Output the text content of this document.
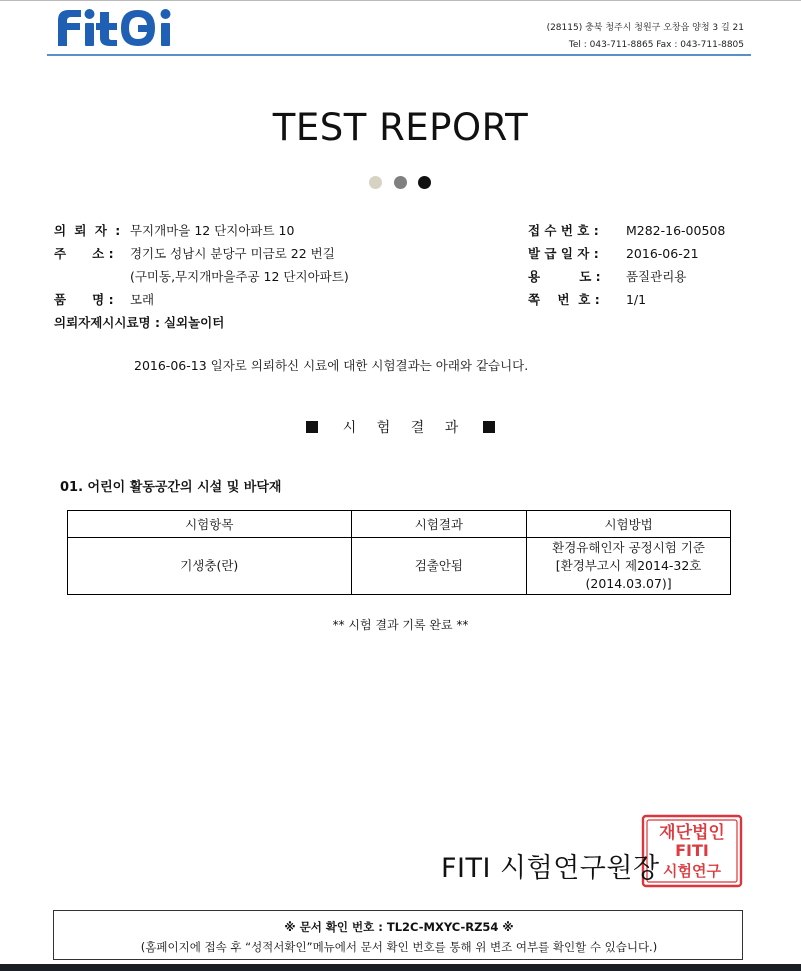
(28115) 충북 청주시 청원구 오창읍 양청 3 길 21
Tel : 043-711-8865 Fax : 043-711-8805
TEST REPORT
의 뢰 자 : 무지개마을 12 단지아파트 10
주      소 : 경기도 성남시 분당구 미금로 22 번길
(구미동,무지개마을주공 12 단지아파트)
품      명 : 모래
의뢰자제시시료명 : 실외놀이터
접 수 번 호 : M282-16-00508
발 급 일 자 : 2016-06-21
용         도 : 품질관리용
쪽    번  호 : 1/1
2016-06-13 일자로 의뢰하신 시료에 대한 시험결과는 아래와 같습니다.
시 험 결 과
01. 어린이 활동공간의 시설 및 바닥재
시험항목	시험결과	시험방법
기생충(란)	검출안됨	환경유해인자 공정시험 기준
[환경부고시 제2014-32호
(2014.03.07)]
** 시험 결과 기록 완료 **
재단법인
FITI
시험연구
FITI 시험연구원장
※ 문서 확인 번호 : TL2C-MXYC-RZ54 ※
(홈페이지에 접속 후 “성적서확인”메뉴에서 문서 확인 번호를 통해 위 변조 여부를 확인할 수 있습니다.)
